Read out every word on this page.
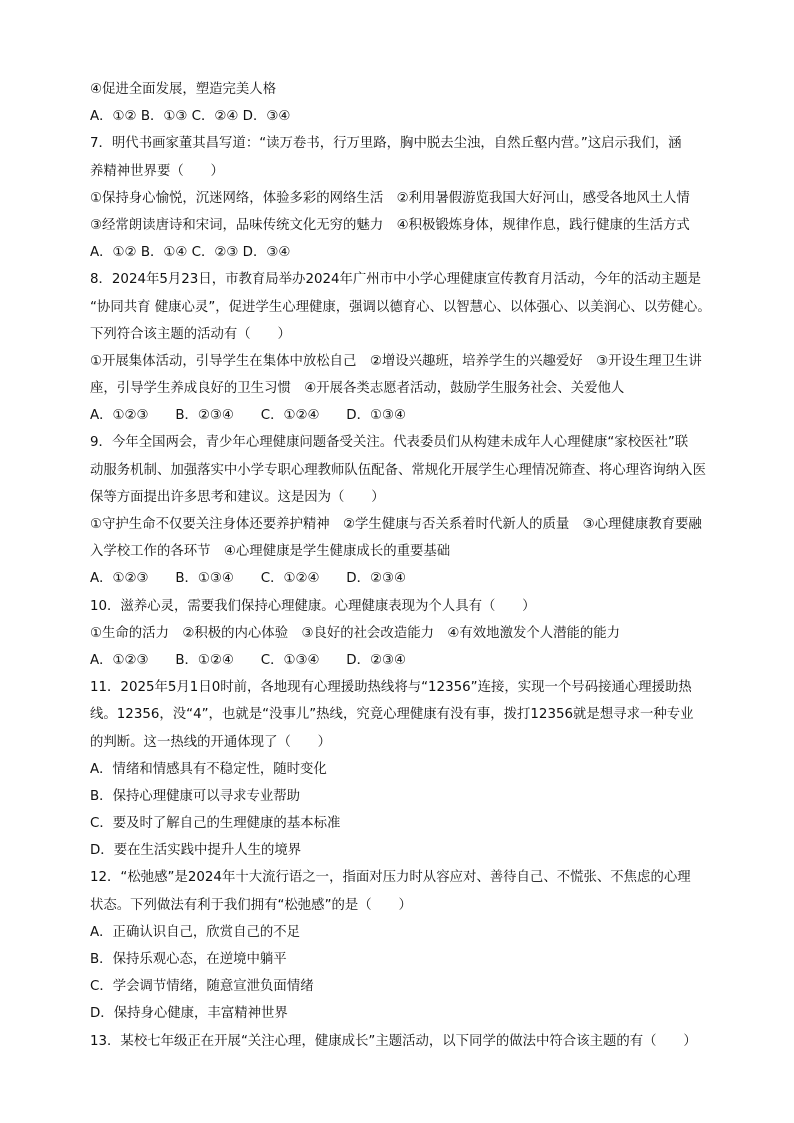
④促进全面发展，塑造完美人格
A．①② B．①③ C．②④ D．③④
7．明代书画家董其昌写道：“读万卷书，行万里路，胸中脱去尘浊，自然丘壑内营。”这启示我们，涵
养精神世界要（　　）
①保持身心愉悦，沉迷网络，体验多彩的网络生活　②利用暑假游览我国大好河山，感受各地风土人情
③经常朗读唐诗和宋词，品味传统文化无穷的魅力　④积极锻炼身体，规律作息，践行健康的生活方式
A．①② B．①④ C．②③ D．③④
8．2024年5月23日，市教育局举办2024年广州市中小学心理健康宣传教育月活动，今年的活动主题是
“协同共育 健康心灵”，促进学生心理健康，强调以德育心、以智慧心、以体强心、以美润心、以劳健心。
下列符合该主题的活动有（　　）
①开展集体活动，引导学生在集体中放松自己　②增设兴趣班，培养学生的兴趣爱好　③开设生理卫生讲
座，引导学生养成良好的卫生习惯　④开展各类志愿者活动，鼓励学生服务社会、关爱他人
A．①②③　　B．②③④　　C．①②④　　D．①③④
9．今年全国两会，青少年心理健康问题备受关注。代表委员们从构建未成年人心理健康“家校医社”联
动服务机制、加强落实中小学专职心理教师队伍配备、常规化开展学生心理情况筛查、将心理咨询纳入医
保等方面提出许多思考和建议。这是因为（　　）
①守护生命不仅要关注身体还要养护精神　②学生健康与否关系着时代新人的质量　③心理健康教育要融
入学校工作的各环节　④心理健康是学生健康成长的重要基础
A．①②③　　B．①③④　　C．①②④　　D．②③④
10．滋养心灵，需要我们保持心理健康。心理健康表现为个人具有（　　）
①生命的活力　②积极的内心体验　③良好的社会改造能力　④有效地激发个人潜能的能力
A．①②③　　B．①②④　　C．①③④　　D．②③④
11．2025年5月1日0时前，各地现有心理援助热线将与“12356”连接，实现一个号码接通心理援助热
线。12356，没“4”，也就是“没事儿”热线，究竟心理健康有没有事，拨打12356就是想寻求一种专业
的判断。这一热线的开通体现了（　　）
A．情绪和情感具有不稳定性，随时变化
B．保持心理健康可以寻求专业帮助
C．要及时了解自己的生理健康的基本标准
D．要在生活实践中提升人生的境界
12．“松弛感”是2024年十大流行语之一，指面对压力时从容应对、善待自己、不慌张、不焦虑的心理
状态。下列做法有利于我们拥有“松弛感”的是（　　）
A．正确认识自己，欣赏自己的不足
B．保持乐观心态，在逆境中躺平
C．学会调节情绪，随意宣泄负面情绪
D．保持身心健康，丰富精神世界
13．某校七年级正在开展“关注心理，健康成长”主题活动，以下同学的做法中符合该主题的有（　　）
